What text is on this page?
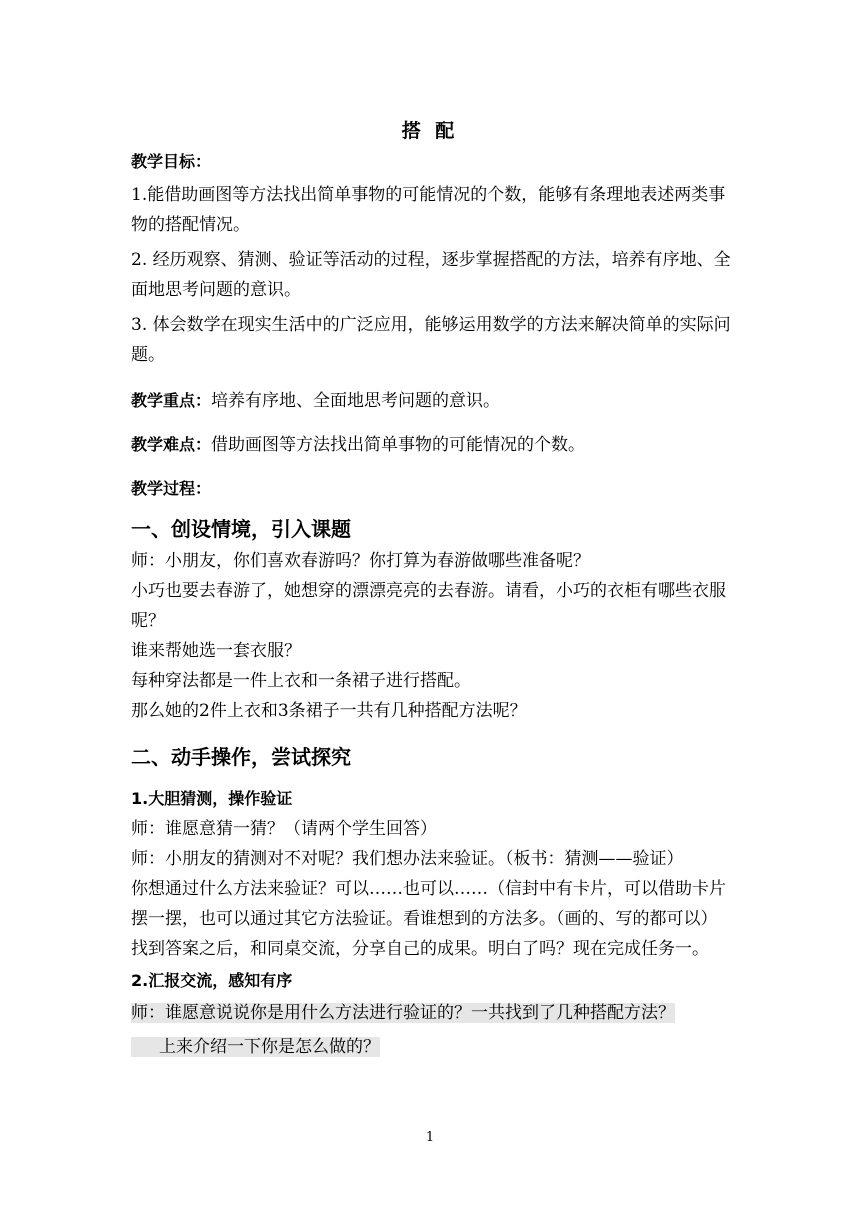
搭 配

教学目标：

1.能借助画图等方法找出简单事物的可能情况的个数，能够有条理地表述两类事物的搭配情况。

2. 经历观察、猜测、验证等活动的过程，逐步掌握搭配的方法，培养有序地、全面地思考问题的意识。

3. 体会数学在现实生活中的广泛应用，能够运用数学的方法来解决简单的实际问题。

教学重点：培养有序地、全面地思考问题的意识。

教学难点：借助画图等方法找出简单事物的可能情况的个数。

教学过程：

一、创设情境，引入课题

师：小朋友，你们喜欢春游吗？你打算为春游做哪些准备呢？

小巧也要去春游了，她想穿的漂漂亮亮的去春游。请看，小巧的衣柜有哪些衣服呢？

谁来帮她选一套衣服？

每种穿法都是一件上衣和一条裙子进行搭配。

那么她的2件上衣和3条裙子一共有几种搭配方法呢？

二、动手操作，尝试探究

1.大胆猜测，操作验证

师：谁愿意猜一猜？（请两个学生回答）

师：小朋友的猜测对不对呢？我们想办法来验证。（板书：猜测——验证）

你想通过什么方法来验证？可以……也可以……（信封中有卡片，可以借助卡片摆一摆，也可以通过其它方法验证。看谁想到的方法多。（画的、写的都可以）

找到答案之后，和同桌交流，分享自己的成果。明白了吗？现在完成任务一。

2.汇报交流，感知有序

师：谁愿意说说你是用什么方法进行验证的？一共找到了几种搭配方法？

上来介绍一下你是怎么做的？

1
